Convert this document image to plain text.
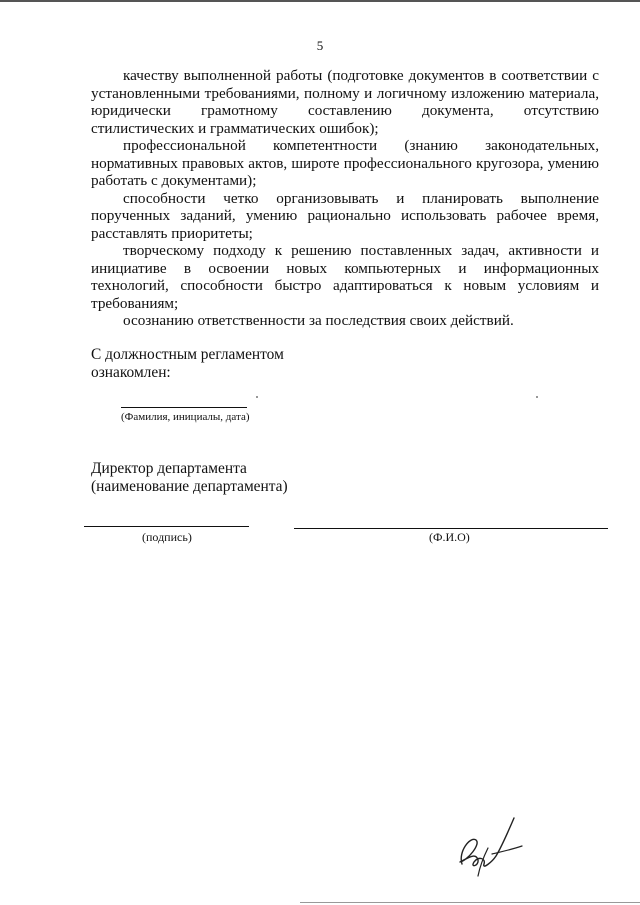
5

качеству выполненной работы (подготовке документов в соответствии с установленными требованиями, полному и логичному изложению материала, юридически грамотному составлению документа, отсутствию стилистических и грамматических ошибок);

профессиональной компетентности (знанию законодательных, нормативных правовых актов, широте профессионального кругозора, умению работать с документами);

способности четко организовывать и планировать выполнение порученных заданий, умению рационально использовать рабочее время, расставлять приоритеты;

творческому подходу к решению поставленных задач, активности и инициативе в освоении новых компьютерных и информационных технологий, способности быстро адаптироваться к новым условиям и требованиям;

осознанию ответственности за последствия своих действий.

С должностным регламентом
ознакомлен:
(Фамилия, инициалы, дата)
Директор департамента
(наименование департамента)
(подпись)	(Ф.И.О)
